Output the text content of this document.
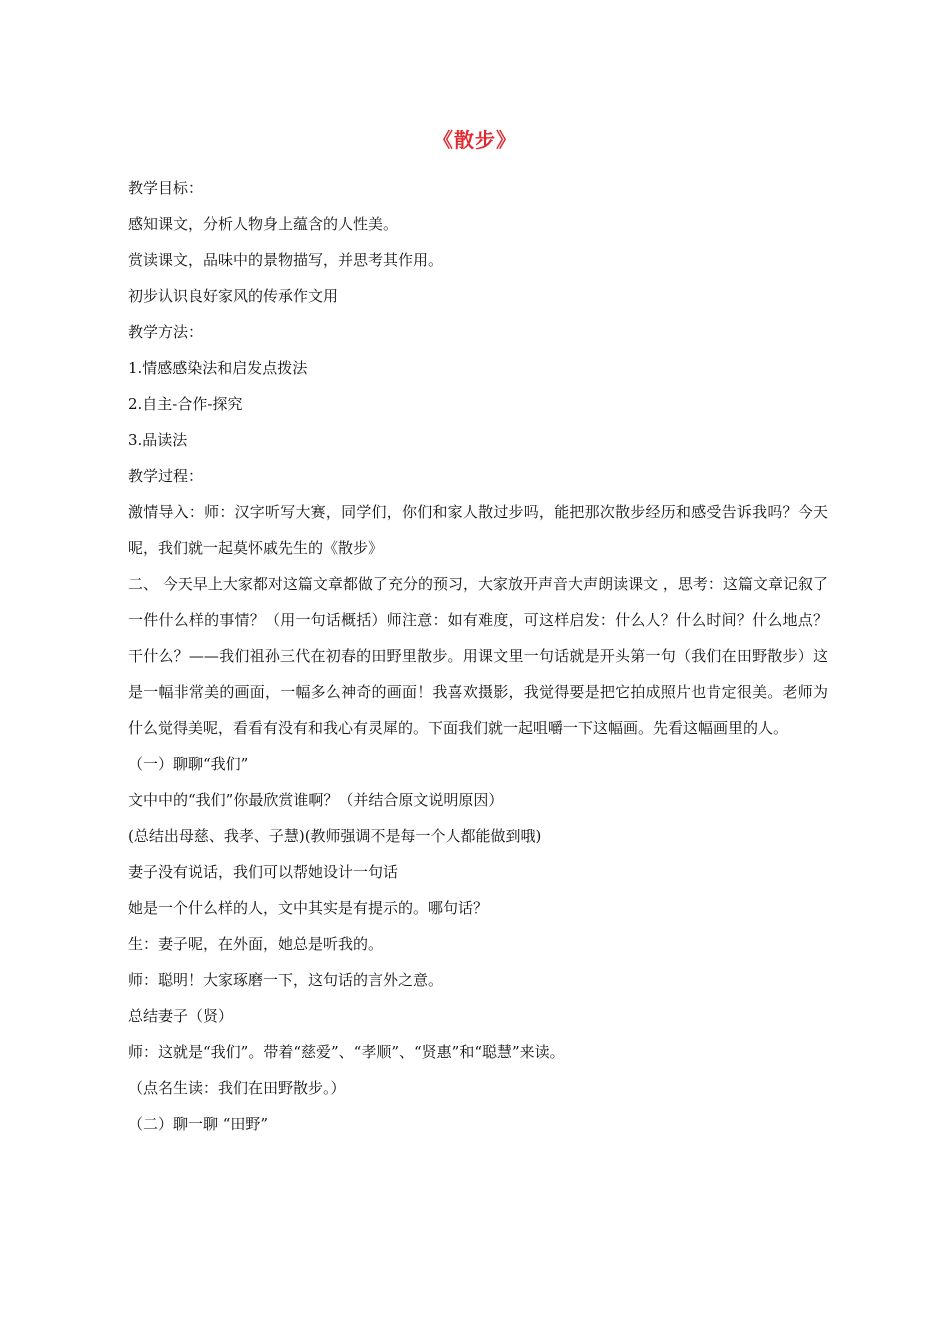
《散步》
教学目标：
感知课文，分析人物身上蕴含的人性美。
赏读课文，品味中的景物描写，并思考其作用。
初步认识良好家风的传承作文用
教学方法：
1.情感感染法和启发点拨法
2.自主-合作-探究
3.品读法
教学过程：
激情导入：师：汉字听写大赛，同学们，你们和家人散过步吗，能把那次散步经历和感受告诉我吗？今天呢，我们就一起莫怀戚先生的《散步》
二、 今天早上大家都对这篇文章都做了充分的预习，大家放开声音大声朗读课文 ，思考：这篇文章记叙了一件什么样的事情？（用一句话概括）师注意：如有难度，可这样启发：什么人？什么时间？什么地点？干什么？——我们祖孙三代在初春的田野里散步。用课文里一句话就是开头第一句（我们在田野散步）这是一幅非常美的画面，一幅多么神奇的画面！我喜欢摄影，我觉得要是把它拍成照片也肯定很美。老师为什么觉得美呢，看看有没有和我心有灵犀的。下面我们就一起咀嚼一下这幅画。先看这幅画里的人。
（一）聊聊“我们”
文中中的“我们”你最欣赏谁啊？（并结合原文说明原因）
(总结出母慈、我孝、子慧)(教师强调不是每一个人都能做到哦)
妻子没有说话，我们可以帮她设计一句话
她是一个什么样的人，文中其实是有提示的。哪句话？
生：妻子呢，在外面，她总是听我的。
师：聪明！大家琢磨一下，这句话的言外之意。
总结妻子（贤）
师：这就是“我们”。带着“慈爱”、“孝顺”、“贤惠”和“聪慧”来读。
（点名生读：我们在田野散步。）
（二）聊一聊 “田野”
